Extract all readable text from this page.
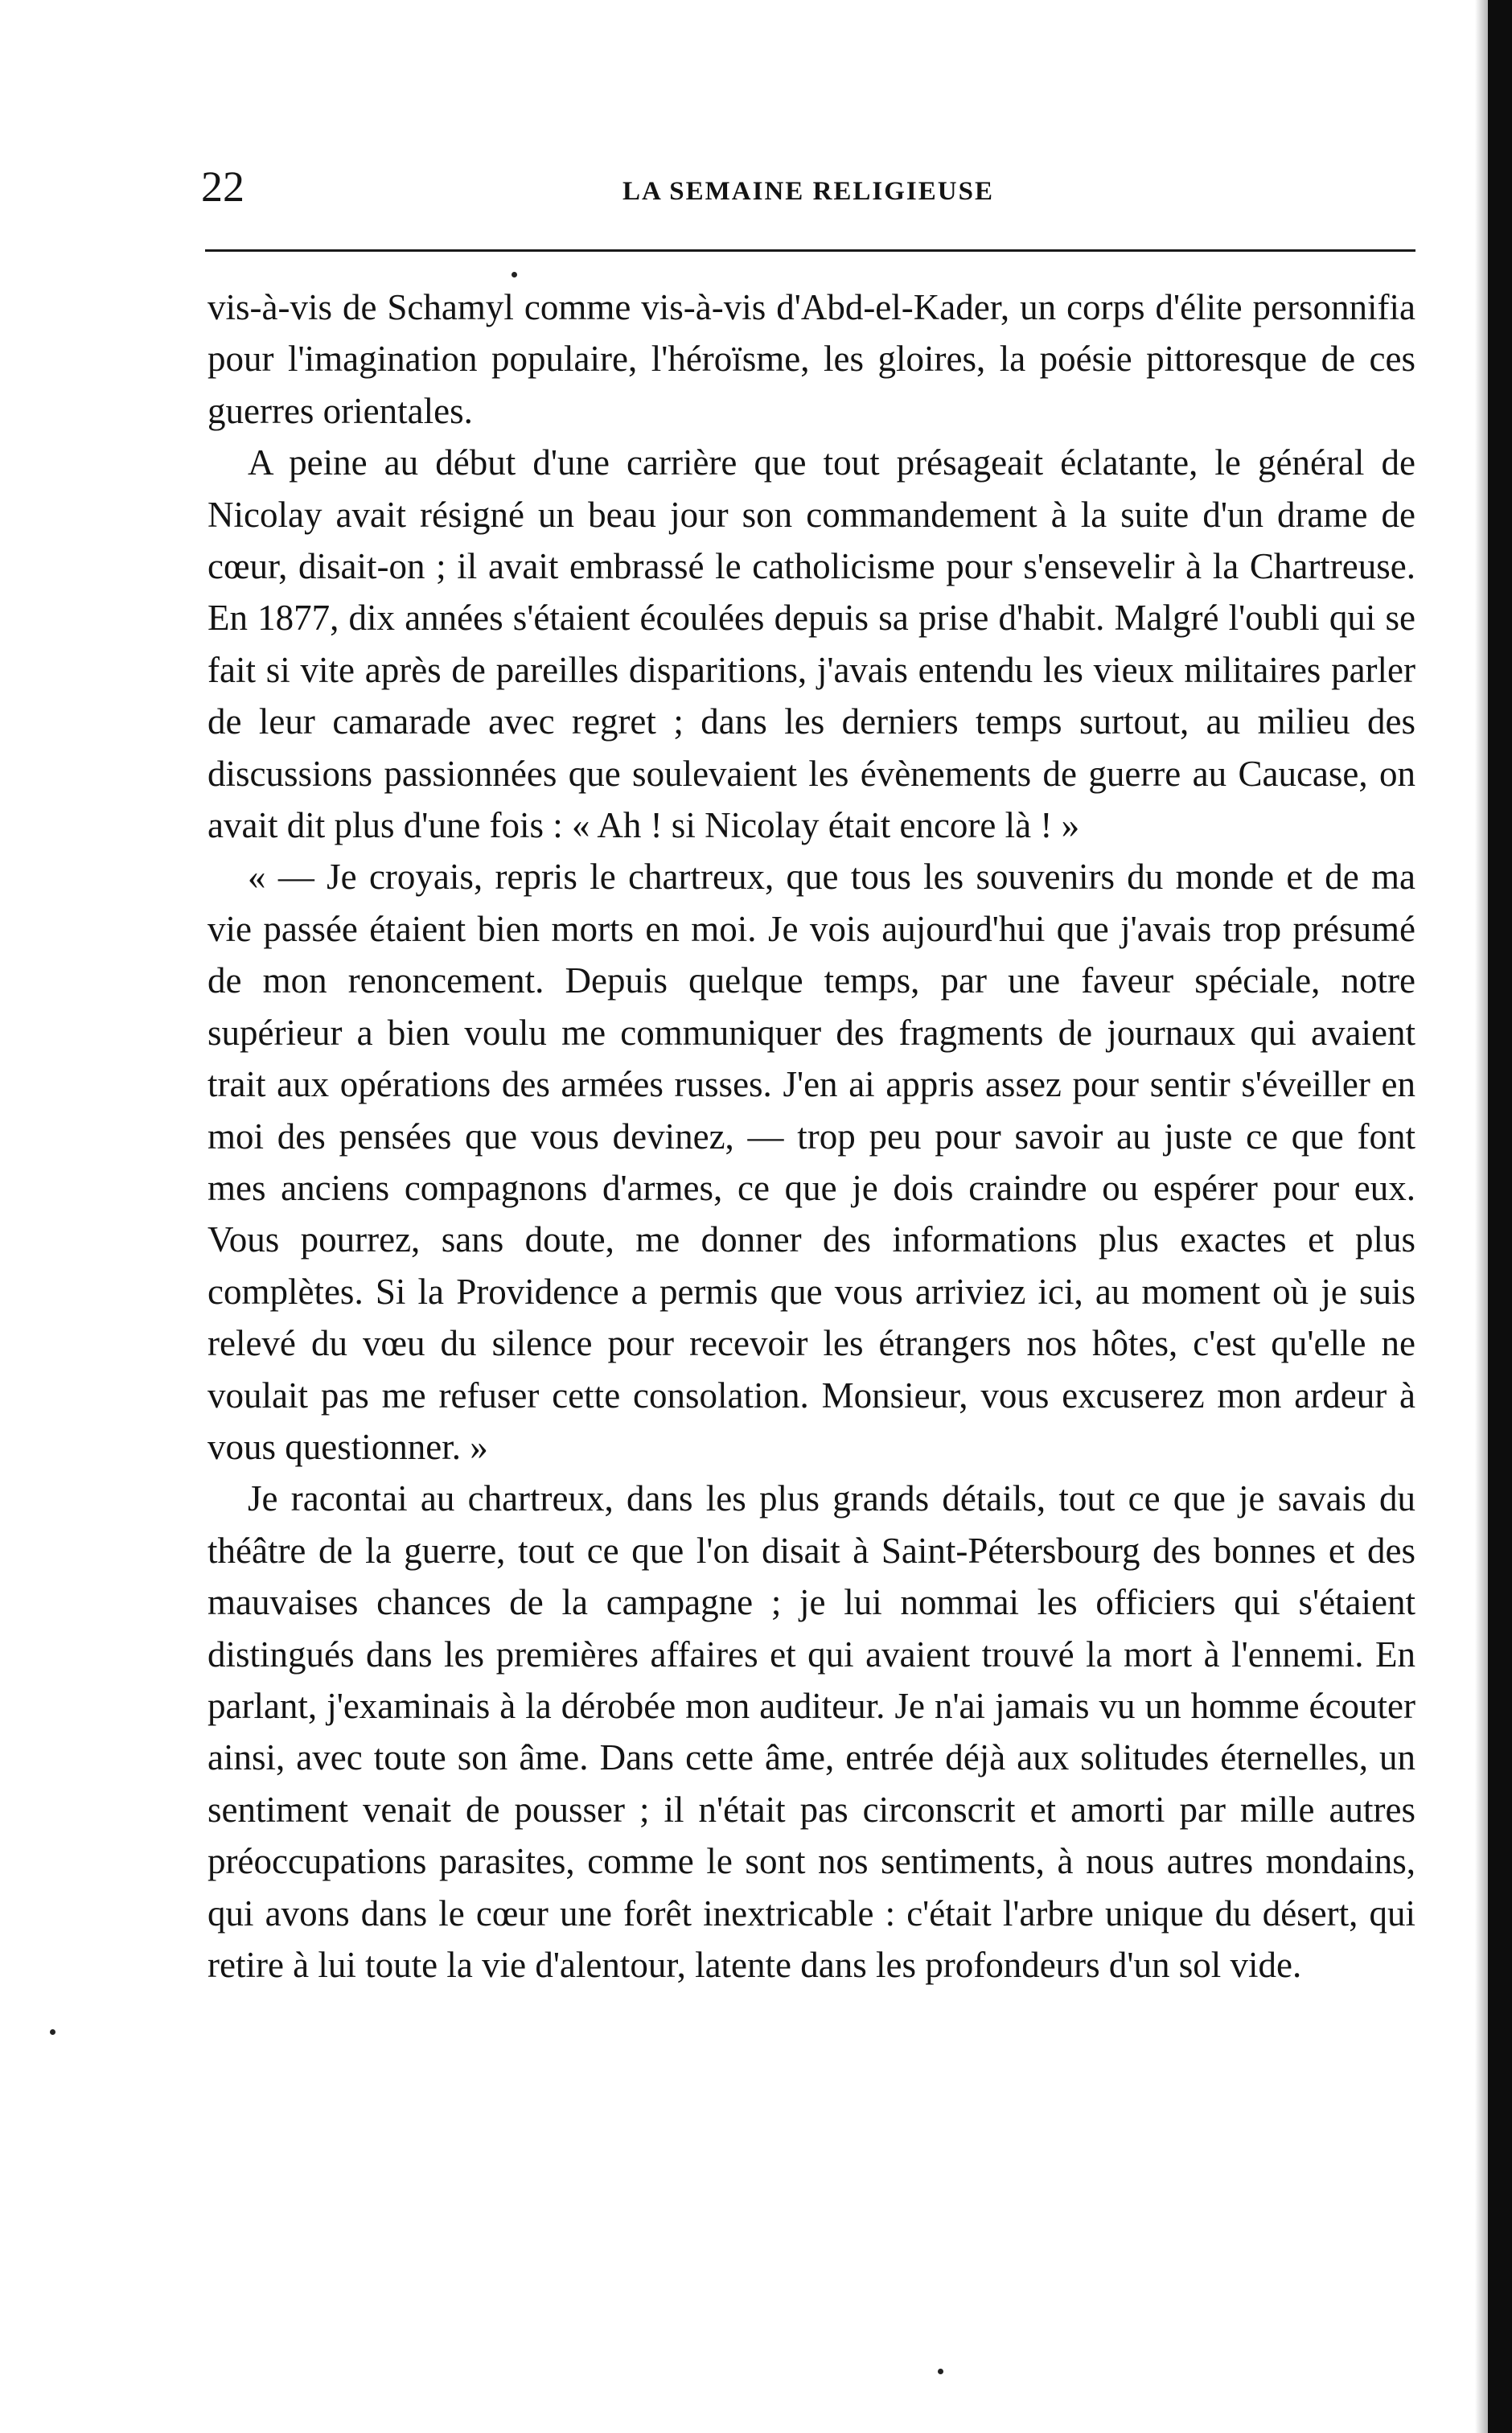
22	LA SEMAINE RELIGIEUSE

vis-à-vis de Schamyl comme vis-à-vis d'Abd-el-Kader, un corps d'élite personnifia pour l'imagination populaire, l'héroïsme, les gloires, la poésie pittoresque de ces guerres orientales.

A peine au début d'une carrière que tout présageait éclatante, le général de Nicolay avait résigné un beau jour son commandement à la suite d'un drame de cœur, disait-on ; il avait embrassé le catholicisme pour s'ensevelir à la Chartreuse. En 1877, dix années s'étaient écoulées depuis sa prise d'habit. Malgré l'oubli qui se fait si vite après de pareilles disparitions, j'avais entendu les vieux militaires parler de leur camarade avec regret ; dans les derniers temps surtout, au milieu des discussions passionnées que soulevaient les évènements de guerre au Caucase, on avait dit plus d'une fois : « Ah ! si Nicolay était encore là ! »

« — Je croyais, repris le chartreux, que tous les souvenirs du monde et de ma vie passée étaient bien morts en moi. Je vois aujourd'hui que j'avais trop présumé de mon renoncement. Depuis quelque temps, par une faveur spéciale, notre supérieur a bien voulu me communiquer des fragments de journaux qui avaient trait aux opérations des armées russes. J'en ai appris assez pour sentir s'éveiller en moi des pensées que vous devinez, — trop peu pour savoir au juste ce que font mes anciens compagnons d'armes, ce que je dois craindre ou espérer pour eux. Vous pourrez, sans doute, me donner des informations plus exactes et plus complètes. Si la Providence a permis que vous arriviez ici, au moment où je suis relevé du vœu du silence pour recevoir les étrangers nos hôtes, c'est qu'elle ne voulait pas me refuser cette consolation. Monsieur, vous excuserez mon ardeur à vous questionner. »

Je racontai au chartreux, dans les plus grands détails, tout ce que je savais du théâtre de la guerre, tout ce que l'on disait à Saint-Pétersbourg des bonnes et des mauvaises chances de la campagne ; je lui nommai les officiers qui s'étaient distingués dans les premières affaires et qui avaient trouvé la mort à l'ennemi. En parlant, j'examinais à la dérobée mon auditeur. Je n'ai jamais vu un homme écouter ainsi, avec toute son âme. Dans cette âme, entrée déjà aux solitudes éternelles, un sentiment venait de pousser ; il n'était pas circonscrit et amorti par mille autres préoccupations parasites, comme le sont nos sentiments, à nous autres mondains, qui avons dans le cœur une forêt inextricable : c'était l'arbre unique du désert, qui retire à lui toute la vie d'alentour, latente dans les profondeurs d'un sol vide.
